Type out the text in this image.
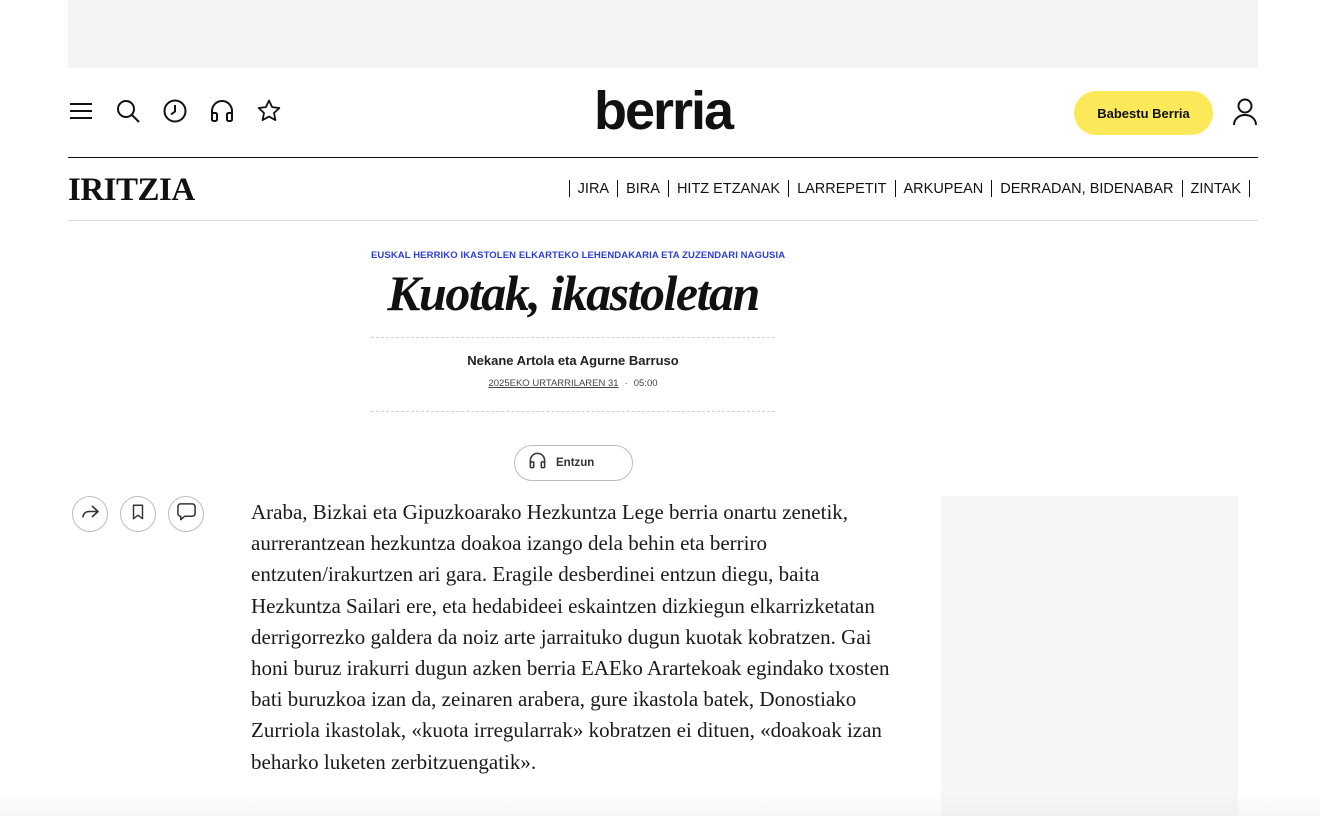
berria	Babestu Berria
IRITZIA	JIRA BIRA HITZ ETZANAK LARREPETIT ARKUPEAN DERRADAN, BIDENABAR ZINTAK
EUSKAL HERRIKO IKASTOLEN ELKARTEKO LEHENDAKARIA ETA ZUZENDARI NAGUSIA
Kuotak, ikastoletan
Nekane Artola eta Agurne Barruso
2025EKO URTARRILAREN 31 · 05:00
Entzun
Araba, Bizkai eta Gipuzkoarako Hezkuntza Lege berria onartu zenetik, aurrerantzean hezkuntza doakoa izango dela behin eta berriro entzuten/irakurtzen ari gara. Eragile desberdinei entzun diegu, baita Hezkuntza Sailari ere, eta hedabideei eskaintzen dizkiegun elkarrizketatan derrigorrezko galdera da noiz arte jarraituko dugun kuotak kobratzen. Gai honi buruz irakurri dugun azken berria EAEko Arartekoak egindako txosten bati buruzkoa izan da, zeinaren arabera, gure ikastola batek, Donostiako Zurriola ikastolak, «kuota irregularrak» kobratzen ei dituen, «doakoak izan beharko luketen zerbitzuengatik».
